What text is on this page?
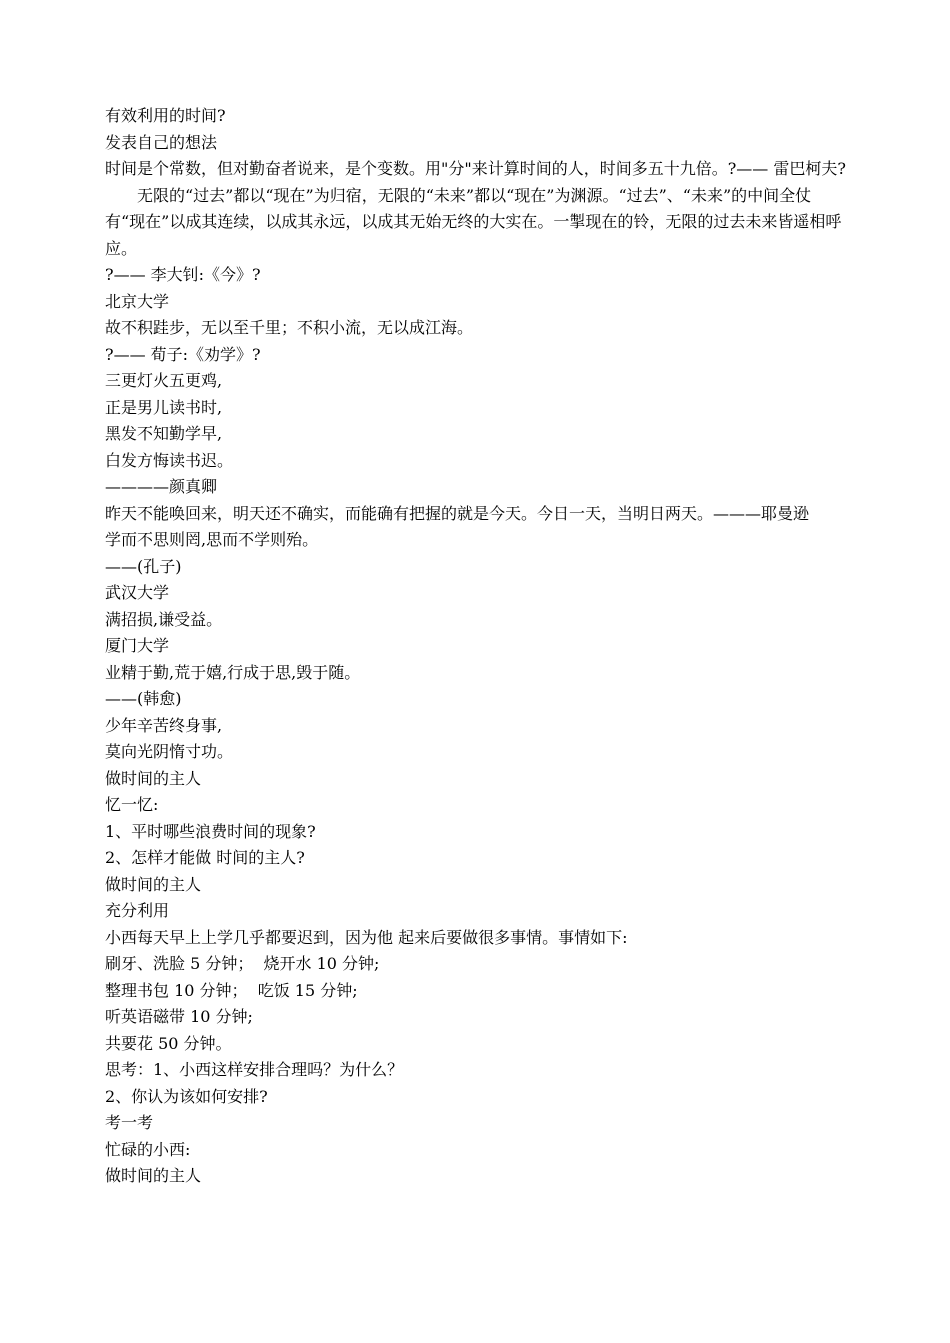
有效利用的时间?
发表自己的想法
时间是个常数，但对勤奋者说来，是个变数。用"分"来计算时间的人，时间多五十九倍。?—— 雷巴柯夫?
无限的“过去”都以“现在”为归宿，无限的“未来”都以“现在”为渊源。“过去”、“未来”的中间全仗有“现在”以成其连续，以成其永远，以成其无始无终的大实在。一掣现在的铃，无限的过去未来皆遥相呼应。
?—— 李大钊:《今》?
北京大学
故不积跬步，无以至千里；不积小流，无以成江海。
?—— 荀子:《劝学》?
三更灯火五更鸡,
正是男儿读书时,
黑发不知勤学早,
白发方悔读书迟。
————颜真卿
昨天不能唤回来，明天还不确实，而能确有把握的就是今天。今日一天，当明日两天。———耶曼逊
学而不思则罔,思而不学则殆。
——(孔子)
武汉大学
满招损,谦受益。
厦门大学
业精于勤,荒于嬉,行成于思,毁于随。
——(韩愈)
少年辛苦终身事,
莫向光阴惰寸功。
做时间的主人
忆一忆:
1、平时哪些浪费时间的现象?
2、怎样才能做 时间的主人?
做时间的主人
充分利用
小西每天早上上学几乎都要迟到，因为他 起来后要做很多事情。事情如下:
刷牙、洗脸 5 分钟；  烧开水 10 分钟;
整理书包 10 分钟；  吃饭 15 分钟;
听英语磁带 10 分钟;
共要花 50 分钟。
思考：1、小西这样安排合理吗？为什么？
2、你认为该如何安排?
考一考
忙碌的小西:
做时间的主人
